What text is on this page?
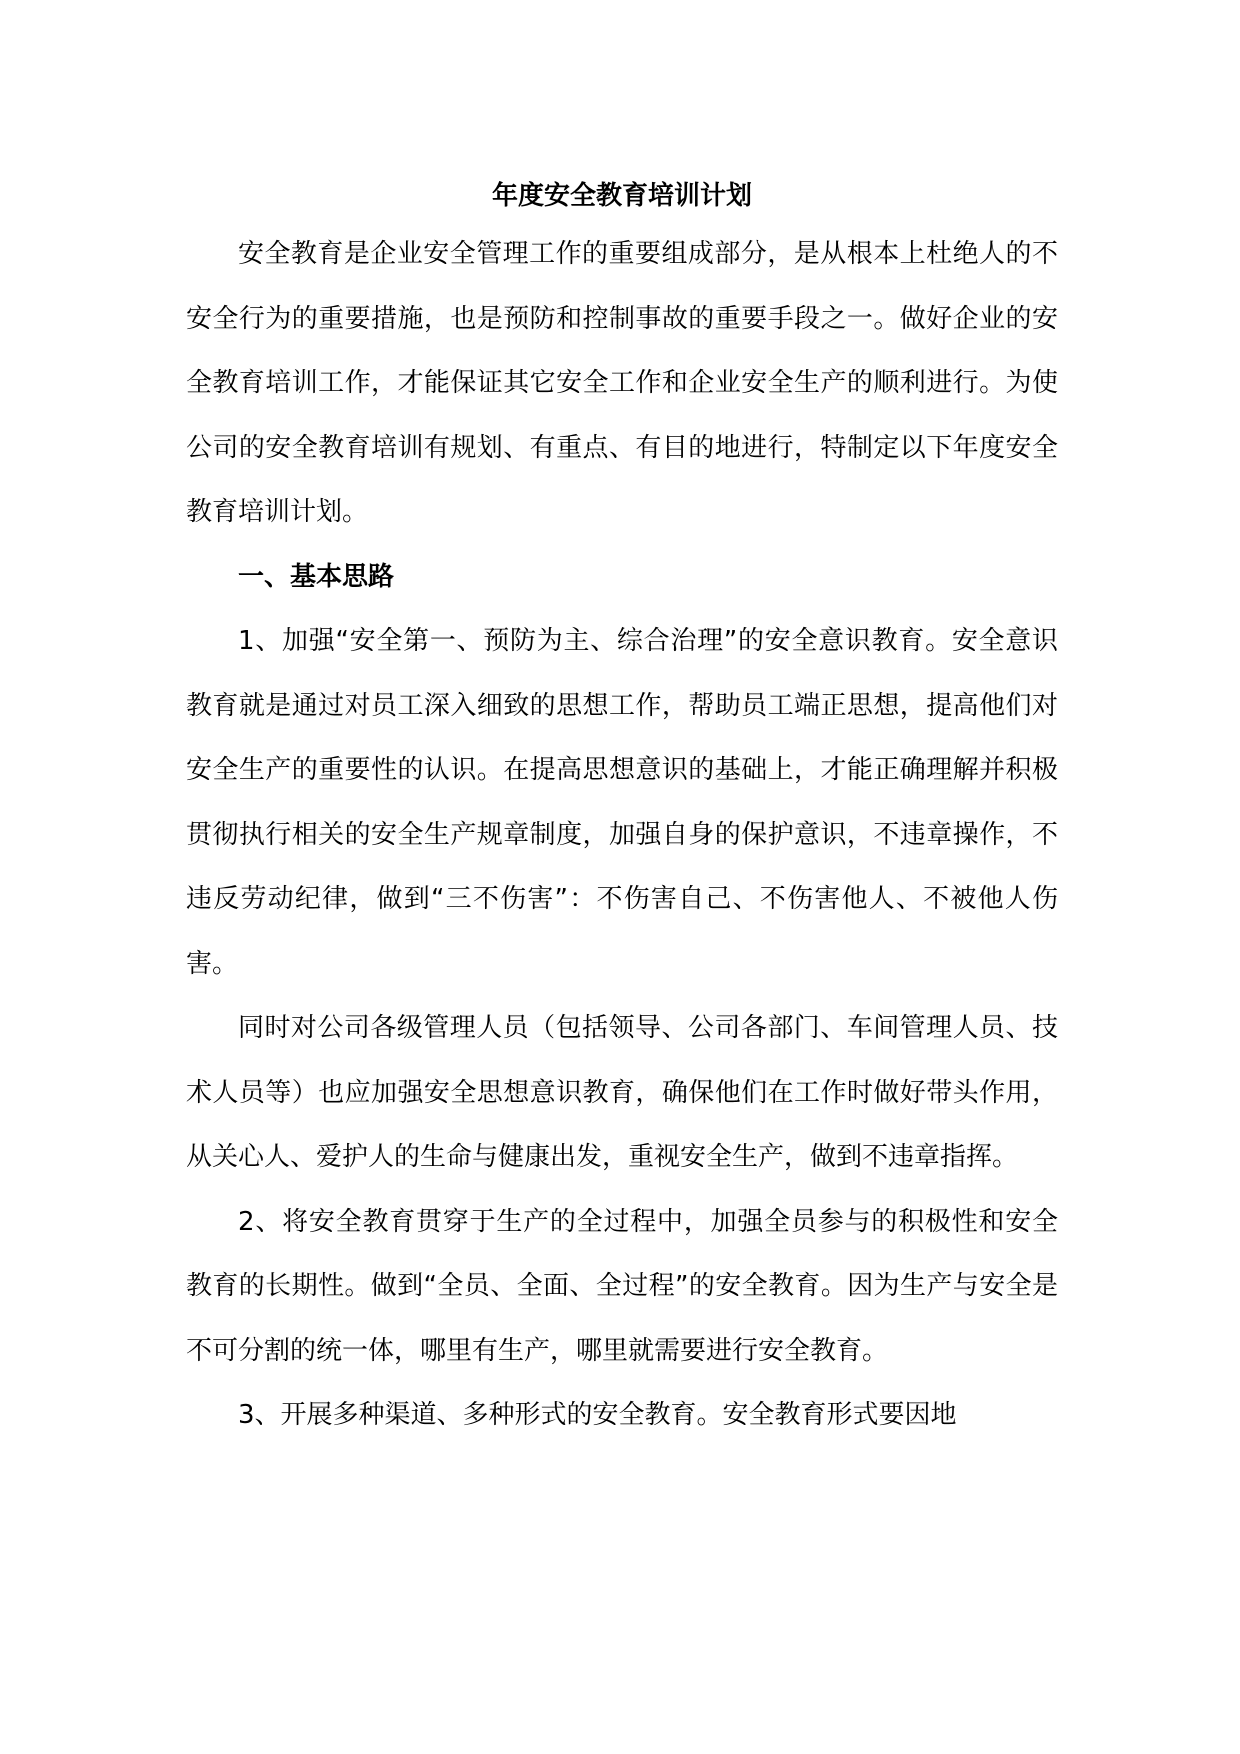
年度安全教育培训计划

安全教育是企业安全管理工作的重要组成部分，是从根本上杜绝人的不安全行为的重要措施，也是预防和控制事故的重要手段之一。做好企业的安全教育培训工作，才能保证其它安全工作和企业安全生产的顺利进行。为使公司的安全教育培训有规划、有重点、有目的地进行，特制定以下年度安全教育培训计划。

一、基本思路

1、加强“安全第一、预防为主、综合治理”的安全意识教育。安全意识教育就是通过对员工深入细致的思想工作，帮助员工端正思想，提高他们对安全生产的重要性的认识。在提高思想意识的基础上，才能正确理解并积极贯彻执行相关的安全生产规章制度，加强自身的保护意识，不违章操作，不违反劳动纪律，做到“三不伤害”：不伤害自己、不伤害他人、不被他人伤害。

同时对公司各级管理人员（包括领导、公司各部门、车间管理人员、技术人员等）也应加强安全思想意识教育，确保他们在工作时做好带头作用，从关心人、爱护人的生命与健康出发，重视安全生产，做到不违章指挥。

2、将安全教育贯穿于生产的全过程中，加强全员参与的积极性和安全教育的长期性。做到“全员、全面、全过程”的安全教育。因为生产与安全是不可分割的统一体，哪里有生产，哪里就需要进行安全教育。

3、开展多种渠道、多种形式的安全教育。安全教育形式要因地
